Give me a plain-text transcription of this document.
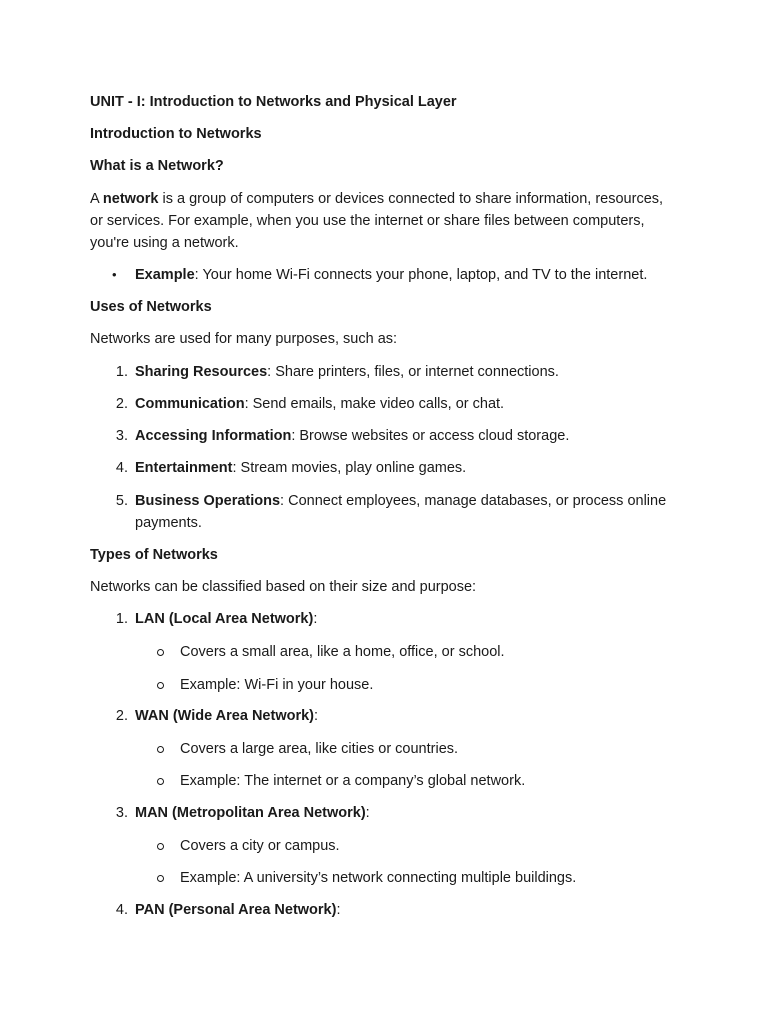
UNIT - I: Introduction to Networks and Physical Layer

Introduction to Networks

What is a Network?

A network is a group of computers or devices connected to share information, resources, or services. For example, when you use the internet or share files between computers, you're using a network.

• Example: Your home Wi-Fi connects your phone, laptop, and TV to the internet.

Uses of Networks

Networks are used for many purposes, such as:

1. Sharing Resources: Share printers, files, or internet connections.

2. Communication: Send emails, make video calls, or chat.

3. Accessing Information: Browse websites or access cloud storage.

4. Entertainment: Stream movies, play online games.

5. Business Operations: Connect employees, manage databases, or process online payments.

Types of Networks

Networks can be classified based on their size and purpose:

1. LAN (Local Area Network):

Covers a small area, like a home, office, or school.

Example: Wi-Fi in your house.

2. WAN (Wide Area Network):

Covers a large area, like cities or countries.

Example: The internet or a company’s global network.

3. MAN (Metropolitan Area Network):

Covers a city or campus.

Example: A university’s network connecting multiple buildings.

4. PAN (Personal Area Network):
